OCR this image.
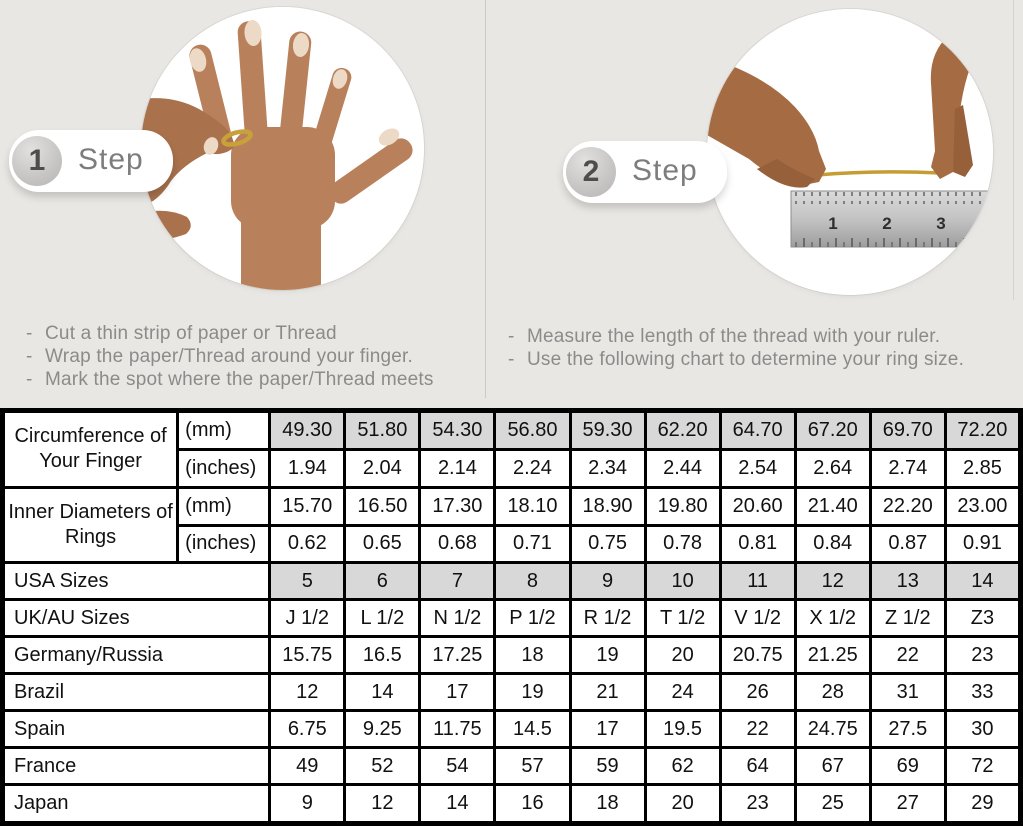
1	2	3
1	Step	2	Step
- Cut a thin strip of paper or Thread
- Wrap the paper/Thread around your finger.
- Mark the spot where the paper/Thread meets
- Measure the length of the thread with your ruler.
- Use the following chart to determine your ring size.
Circumference of Your Finger	(mm)	49.30	51.80	54.30	56.80	59.30	62.20	64.70	67.20	69.70	72.20
	(inches)	1.94	2.04	2.14	2.24	2.34	2.44	2.54	2.64	2.74	2.85
Inner Diameters of Rings	(mm)	15.70	16.50	17.30	18.10	18.90	19.80	20.60	21.40	22.20	23.00
	(inches)	0.62	0.65	0.68	0.71	0.75	0.78	0.81	0.84	0.87	0.91
USA Sizes		5	6	7	8	9	10	11	12	13	14
UK/AU Sizes		J 1/2	L 1/2	N 1/2	P 1/2	R 1/2	T 1/2	V 1/2	X 1/2	Z 1/2	Z3
Germany/Russia		15.75	16.5	17.25	18	19	20	20.75	21.25	22	23
Brazil		12	14	17	19	21	24	26	28	31	33
Spain		6.75	9.25	11.75	14.5	17	19.5	22	24.75	27.5	30
France		49	52	54	57	59	62	64	67	69	72
Japan		9	12	14	16	18	20	23	25	27	29
